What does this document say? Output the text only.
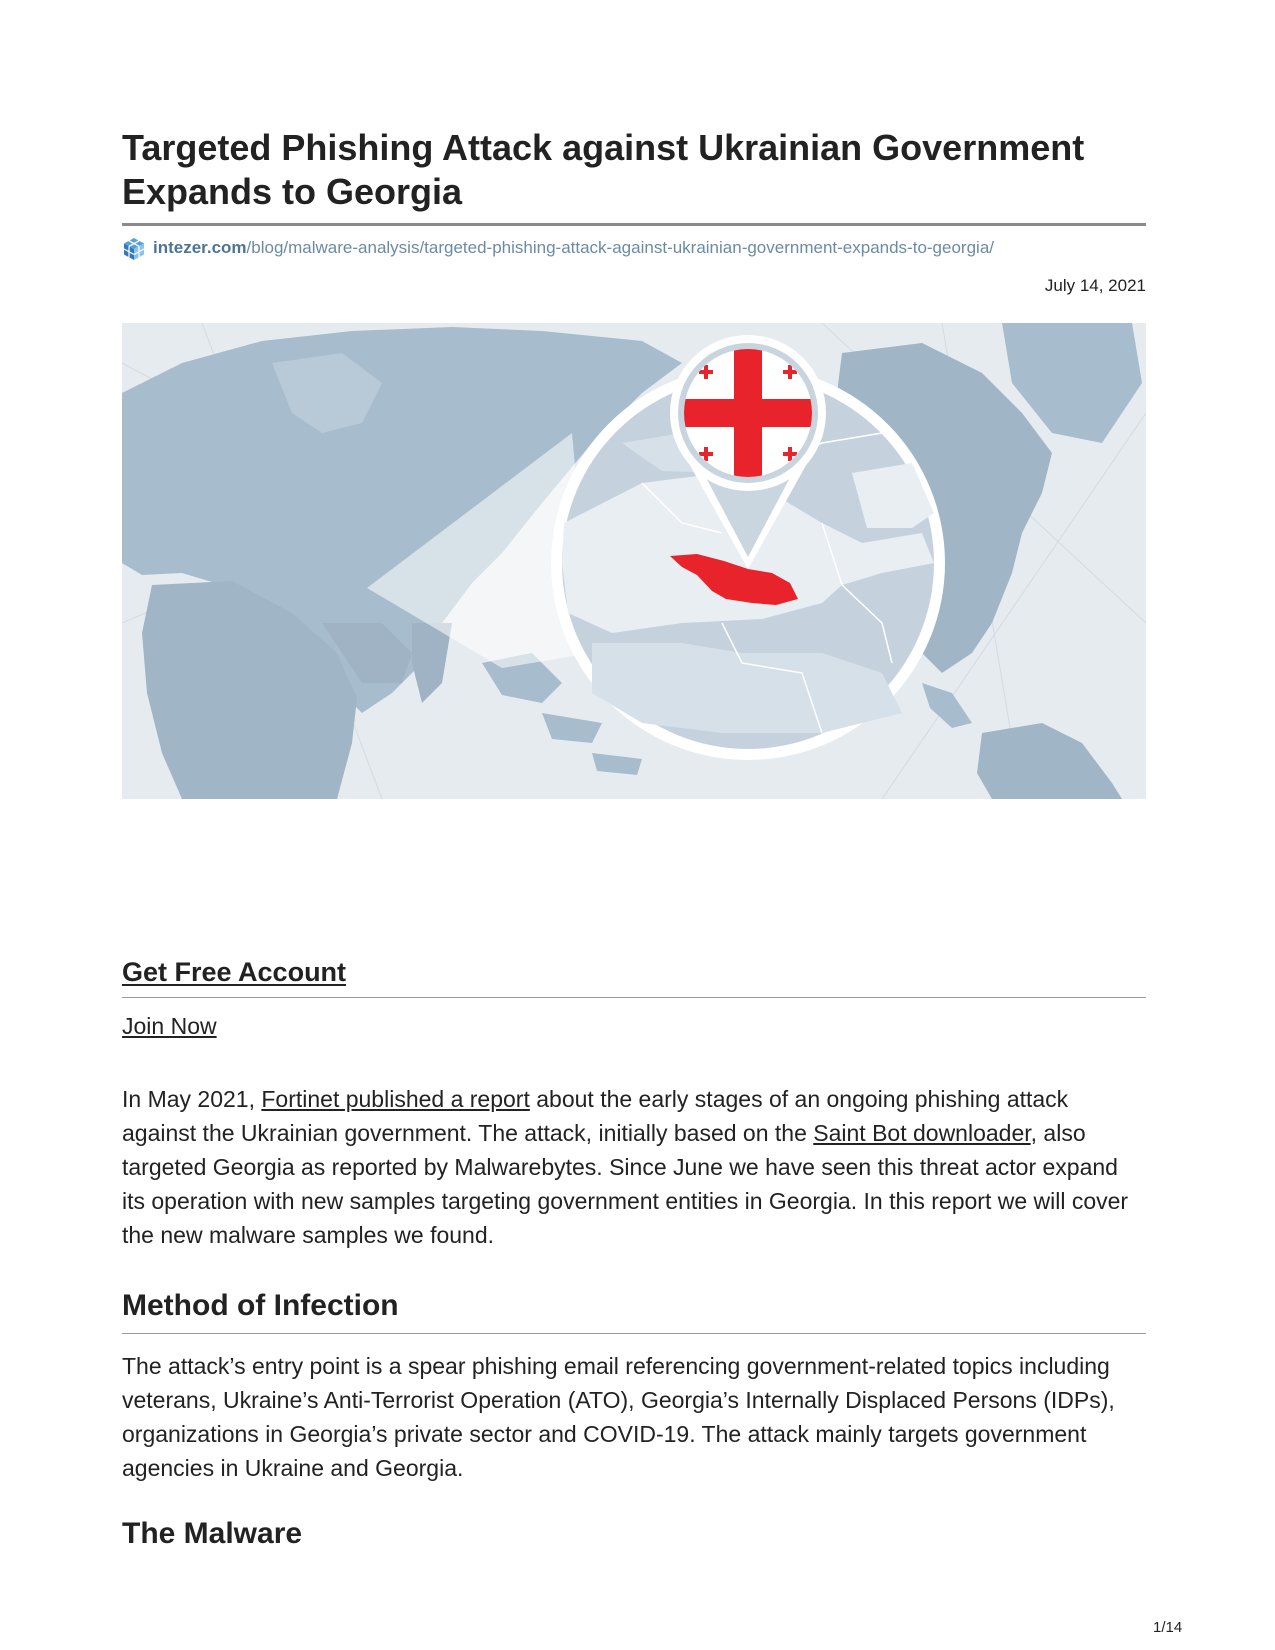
Targeted Phishing Attack against Ukrainian Government Expands to Georgia
intezer.com/blog/malware-analysis/targeted-phishing-attack-against-ukrainian-government-expands-to-georgia/
July 14, 2021
Get Free Account
Join Now

In May 2021, Fortinet published a report about the early stages of an ongoing phishing attack against the Ukrainian government. The attack, initially based on the Saint Bot downloader, also targeted Georgia as reported by Malwarebytes. Since June we have seen this threat actor expand its operation with new samples targeting government entities in Georgia. In this report we will cover the new malware samples we found.

Method of Infection

The attack’s entry point is a spear phishing email referencing government-related topics including veterans, Ukraine’s Anti-Terrorist Operation (ATO), Georgia’s Internally Displaced Persons (IDPs), organizations in Georgia’s private sector and COVID-19. The attack mainly targets government agencies in Ukraine and Georgia.

The Malware
1/14
